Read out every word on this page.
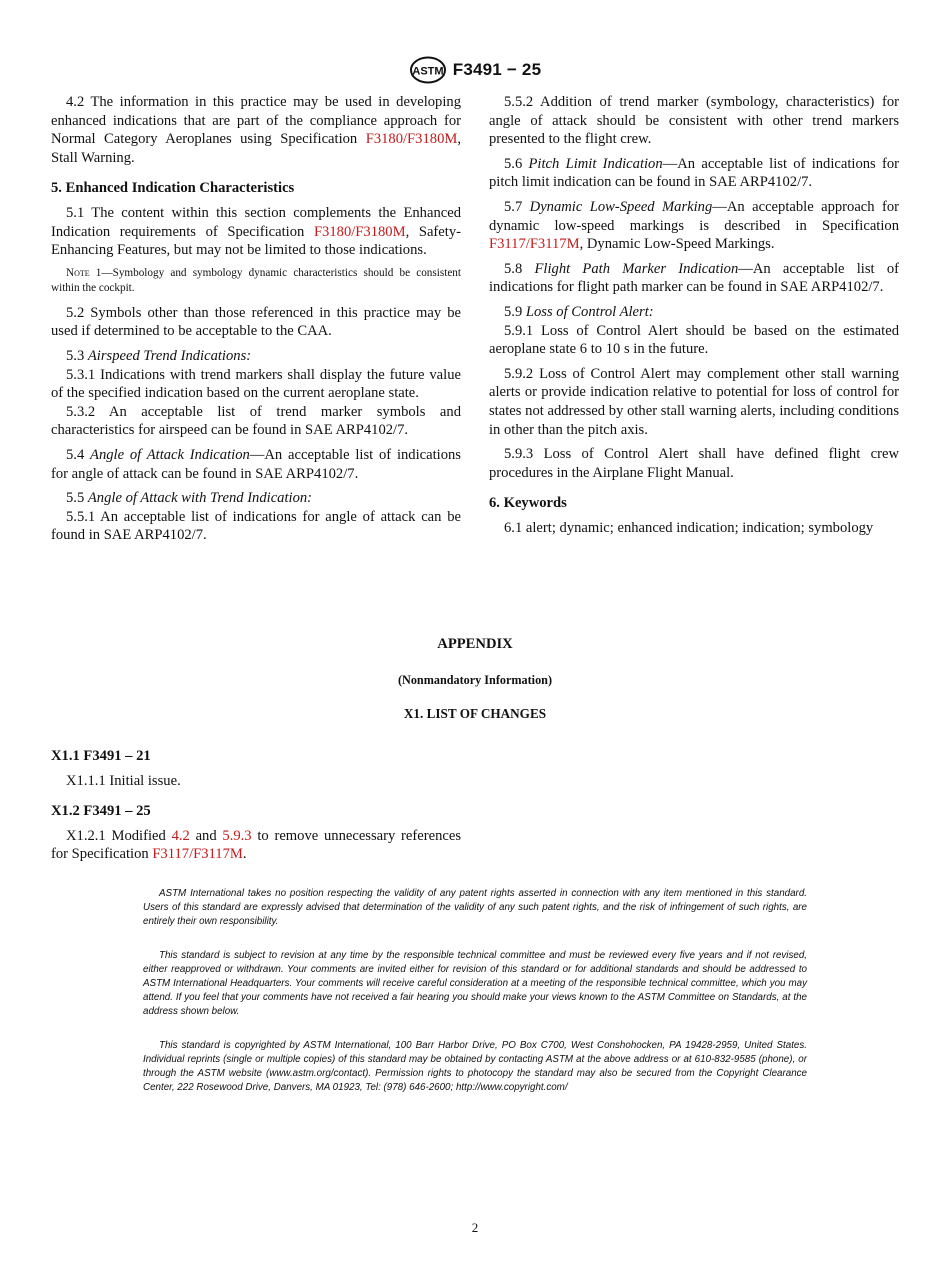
ASTM F3491 − 25

4.2 The information in this practice may be used in developing enhanced indications that are part of the compliance approach for Normal Category Aeroplanes using Specification F3180/F3180M, Stall Warning.

5. Enhanced Indication Characteristics

5.1 The content within this section complements the Enhanced Indication requirements of Specification F3180/F3180M, Safety-Enhancing Features, but may not be limited to those indications.

Note 1—Symbology and symbology dynamic characteristics should be consistent within the cockpit.

5.2 Symbols other than those referenced in this practice may be used if determined to be acceptable to the CAA.

5.3 Airspeed Trend Indications:

5.3.1 Indications with trend markers shall display the future value of the specified indication based on the current aeroplane state.

5.3.2 An acceptable list of trend marker symbols and characteristics for airspeed can be found in SAE ARP4102/7.

5.4 Angle of Attack Indication—An acceptable list of indications for angle of attack can be found in SAE ARP4102/7.

5.5 Angle of Attack with Trend Indication:

5.5.1 An acceptable list of indications for angle of attack can be found in SAE ARP4102/7.

5.5.2 Addition of trend marker (symbology, characteristics) for angle of attack should be consistent with other trend markers presented to the flight crew.

5.6 Pitch Limit Indication—An acceptable list of indications for pitch limit indication can be found in SAE ARP4102/7.

5.7 Dynamic Low-Speed Marking—An acceptable approach for dynamic low-speed markings is described in Specification F3117/F3117M, Dynamic Low-Speed Markings.

5.8 Flight Path Marker Indication—An acceptable list of indications for flight path marker can be found in SAE ARP4102/7.

5.9 Loss of Control Alert:

5.9.1 Loss of Control Alert should be based on the estimated aeroplane state 6 to 10 s in the future.

5.9.2 Loss of Control Alert may complement other stall warning alerts or provide indication relative to potential for loss of control for states not addressed by other stall warning alerts, including conditions in other than the pitch axis.

5.9.3 Loss of Control Alert shall have defined flight crew procedures in the Airplane Flight Manual.

6. Keywords

6.1 alert; dynamic; enhanced indication; indication; symbology

APPENDIX

(Nonmandatory Information)

X1. LIST OF CHANGES

X1.1 F3491 – 21

X1.1.1 Initial issue.

X1.2 F3491 – 25

X1.2.1 Modified 4.2 and 5.9.3 to remove unnecessary references for Specification F3117/F3117M.

ASTM International takes no position respecting the validity of any patent rights asserted in connection with any item mentioned in this standard. Users of this standard are expressly advised that determination of the validity of any such patent rights, and the risk of infringement of such rights, are entirely their own responsibility.

This standard is subject to revision at any time by the responsible technical committee and must be reviewed every five years and if not revised, either reapproved or withdrawn. Your comments are invited either for revision of this standard or for additional standards and should be addressed to ASTM International Headquarters. Your comments will receive careful consideration at a meeting of the responsible technical committee, which you may attend. If you feel that your comments have not received a fair hearing you should make your views known to the ASTM Committee on Standards, at the address shown below.

This standard is copyrighted by ASTM International, 100 Barr Harbor Drive, PO Box C700, West Conshohocken, PA 19428-2959, United States. Individual reprints (single or multiple copies) of this standard may be obtained by contacting ASTM at the above address or at 610-832-9585 (phone), or through the ASTM website (www.astm.org/contact). Permission rights to photocopy the standard may also be secured from the Copyright Clearance Center, 222 Rosewood Drive, Danvers, MA 01923, Tel: (978) 646-2600; http://www.copyright.com/

2
